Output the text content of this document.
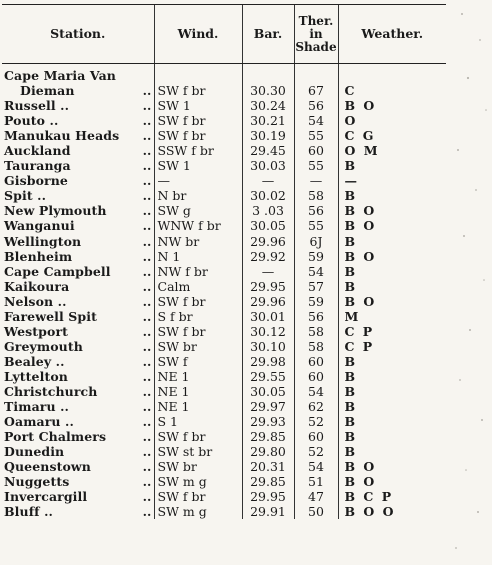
Station.	Wind.	Bar.	Ther. in Shade	Weather.
Cape Maria Van				
Dieman ..	SW f br	30.30	67	C
Russell .. ..	SW 1	30.24	56	B O
Pouto .. ..	SW f br	30.21	54	O
Manukau Heads ..	SW f br	30.19	55	C G
Auckland ..	SSW f br	29.45	60	O M
Tauranga ..	SW 1	30.03	55	B
Gisborne ..	—	—	—	—
Spit .. ..	N br	30.02	58	B
New Plymouth ..	SW g	3 .03	56	B O
Wanganui ..	WNW f br	30.05	55	B O
Wellington ..	NW br	29.96	6J	B
Blenheim ..	N 1	29.92	59	B O
Cape Campbell ..	NW f br	—	54	B
Kaikoura ..	Calm	29.95	57	B
Nelson .. ..	SW f br	29.96	59	B O
Farewell Spit ..	S f br	30.01	56	M
Westport ..	SW f br	30.12	58	C P
Greymouth ..	SW br	30.10	58	C P
Bealey .. ..	SW f	29.98	60	B
Lyttelton ..	NE 1	29.55	60	B
Christchurch ..	NE 1	30.05	54	B
Timaru .. ..	NE 1	29.97	62	B
Oamaru .. ..	S 1	29.93	52	B
Port Chalmers ..	SW f br	29.85	60	B
Dunedin ..	SW st br	29.80	52	B
Queenstown ..	SW br	20.31	54	B O
Nuggetts ..	SW m g	29.85	51	B O
Invercargill ..	SW f br	29.95	47	B C P
Bluff .. ..	SW m g	29.91	50	B O O
